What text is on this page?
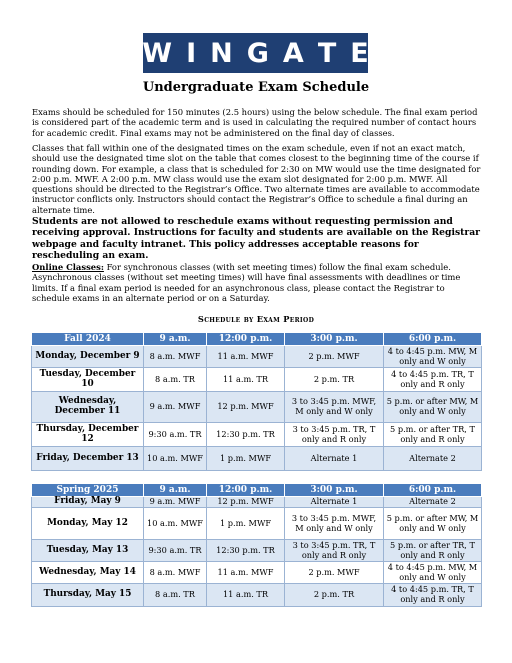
W I N G A T E
Undergraduate Exam Schedule
Exams should be scheduled for 150 minutes (2.5 hours) using the below schedule. The final exam period is considered part of the academic term and is used in calculating the required number of contact hours for academic credit. Final exams may not be administered on the final day of classes.
Classes that fall within one of the designated times on the exam schedule, even if not an exact match, should use the designated time slot on the table that comes closest to the beginning time of the course if rounding down. For example, a class that is scheduled for 2:30 on MW would use the time designated for 2:00 p.m. MWF. A 2:00 p.m. MW class would use the exam slot designated for 2:00 p.m. MWF. All questions should be directed to the Registrar’s Office. Two alternate times are available to accommodate instructor conflicts only. Instructors should contact the Registrar’s Office to schedule a final during an alternate time.
Students are not allowed to reschedule exams without requesting permission and receiving approval. Instructions for faculty and students are available on the Registrar webpage and faculty intranet. This policy addresses acceptable reasons for rescheduling an exam.
Online Classes: For synchronous classes (with set meeting times) follow the final exam schedule. Asynchronous classes (without set meeting times) will have final assessments with deadlines or time limits. If a final exam period is needed for an asynchronous class, please contact the Registrar to schedule exams in an alternate period or on a Saturday.
Schedule by Exam Period
Fall 2024	9 a.m.	12:00 p.m.	3:00 p.m.	6:00 p.m.
Monday, December 9	8 a.m. MWF	11 a.m. MWF	2 p.m. MWF	4 to 4:45 p.m. MW, M only and W only
Tuesday, December 10	8 a.m. TR	11 a.m. TR	2 p.m. TR	4 to 4:45 p.m. TR, T only and R only
Wednesday, December 11	9 a.m. MWF	12 p.m. MWF	3 to 3:45 p.m. MWF, M only and W only	5 p.m. or after MW, M only and W only
Thursday, December 12	9:30 a.m. TR	12:30 p.m. TR	3 to 3:45 p.m. TR, T only and R only	5 p.m. or after TR, T only and R only
Friday, December 13	10 a.m. MWF	1 p.m. MWF	Alternate 1	Alternate 2
Spring 2025	9 a.m.	12:00 p.m.	3:00 p.m.	6:00 p.m.
Friday, May 9	9 a.m. MWF	12 p.m. MWF	Alternate 1	Alternate 2
Monday, May 12	10 a.m. MWF	1 p.m. MWF	3 to 3:45 p.m. MWF, M only and W only	5 p.m. or after MW, M only and W only
Tuesday, May 13	9:30 a.m. TR	12:30 p.m. TR	3 to 3:45 p.m. TR, T only and R only	5 p.m. or after TR, T only and R only
Wednesday, May 14	8 a.m. MWF	11 a.m. MWF	2 p.m. MWF	4 to 4:45 p.m. MW, M only and W only
Thursday, May 15	8 a.m. TR	11 a.m. TR	2 p.m. TR	4 to 4:45 p.m. TR, T only and R only
